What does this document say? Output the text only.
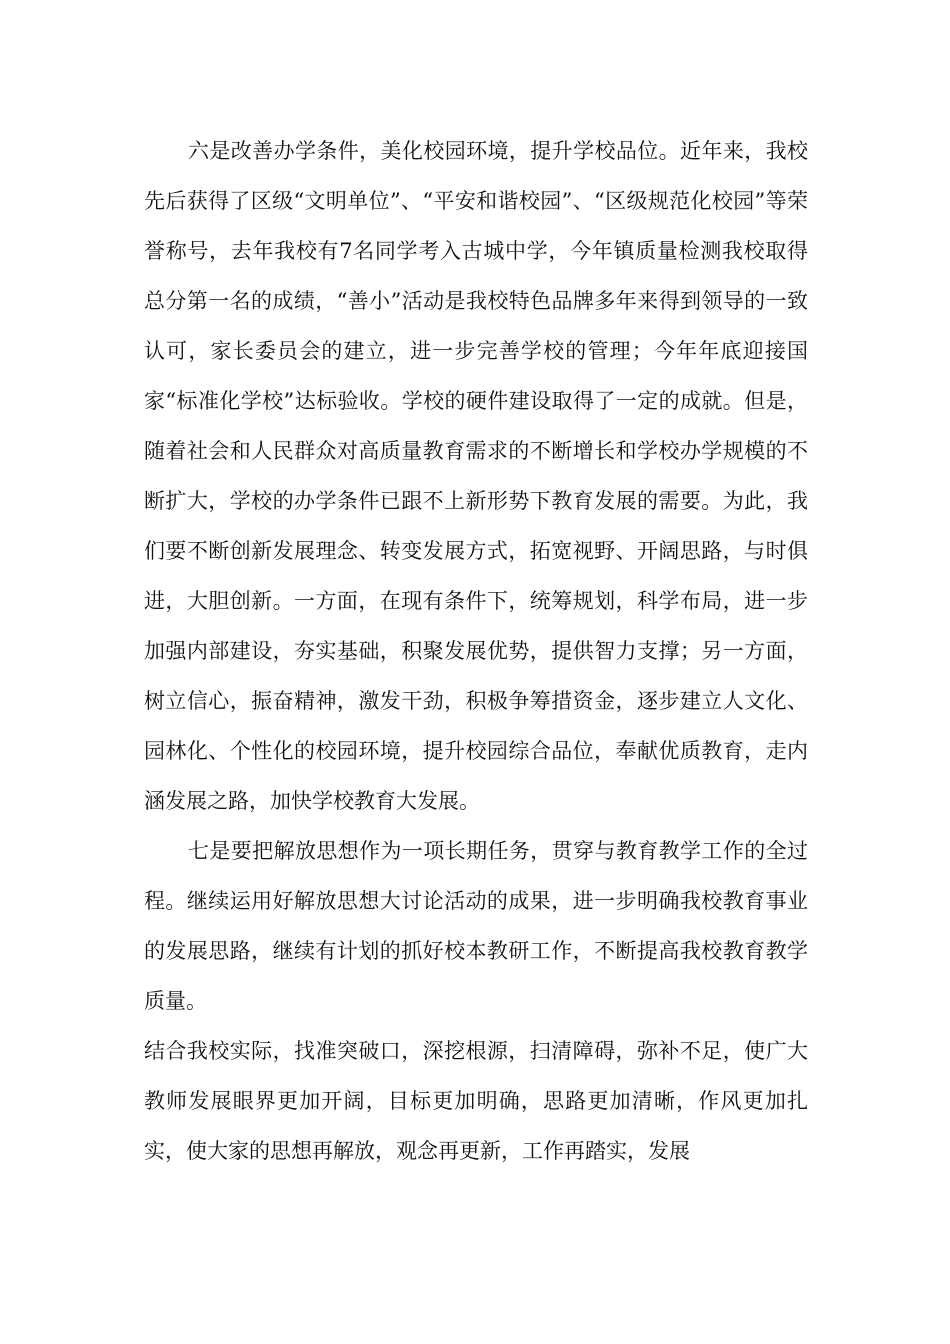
六是改善办学条件，美化校园环境，提升学校品位。近年来，我校先后获得了区级“文明单位”、“平安和谐校园”、“区级规范化校园”等荣誉称号，去年我校有7名同学考入古城中学，今年镇质量检测我校取得总分第一名的成绩，“善小”活动是我校特色品牌多年来得到领导的一致认可，家长委员会的建立，进一步完善学校的管理；今年年底迎接国家“标准化学校”达标验收。学校的硬件建设取得了一定的成就。但是，随着社会和人民群众对高质量教育需求的不断增长和学校办学规模的不断扩大，学校的办学条件已跟不上新形势下教育发展的需要。为此，我们要不断创新发展理念、转变发展方式，拓宽视野、开阔思路，与时俱进，大胆创新。一方面，在现有条件下，统筹规划，科学布局，进一步加强内部建设，夯实基础，积聚发展优势，提供智力支撑；另一方面，树立信心，振奋精神，激发干劲，积极争筹措资金，逐步建立人文化、园林化、个性化的校园环境，提升校园综合品位，奉献优质教育，走内涵发展之路，加快学校教育大发展。

七是要把解放思想作为一项长期任务，贯穿与教育教学工作的全过程。继续运用好解放思想大讨论活动的成果，进一步明确我校教育事业的发展思路，继续有计划的抓好校本教研工作，不断提高我校教育教学质量。

结合我校实际，找准突破口，深挖根源，扫清障碍，弥补不足，使广大教师发展眼界更加开阔，目标更加明确，思路更加清晰，作风更加扎实，使大家的思想再解放，观念再更新，工作再踏实，发展
